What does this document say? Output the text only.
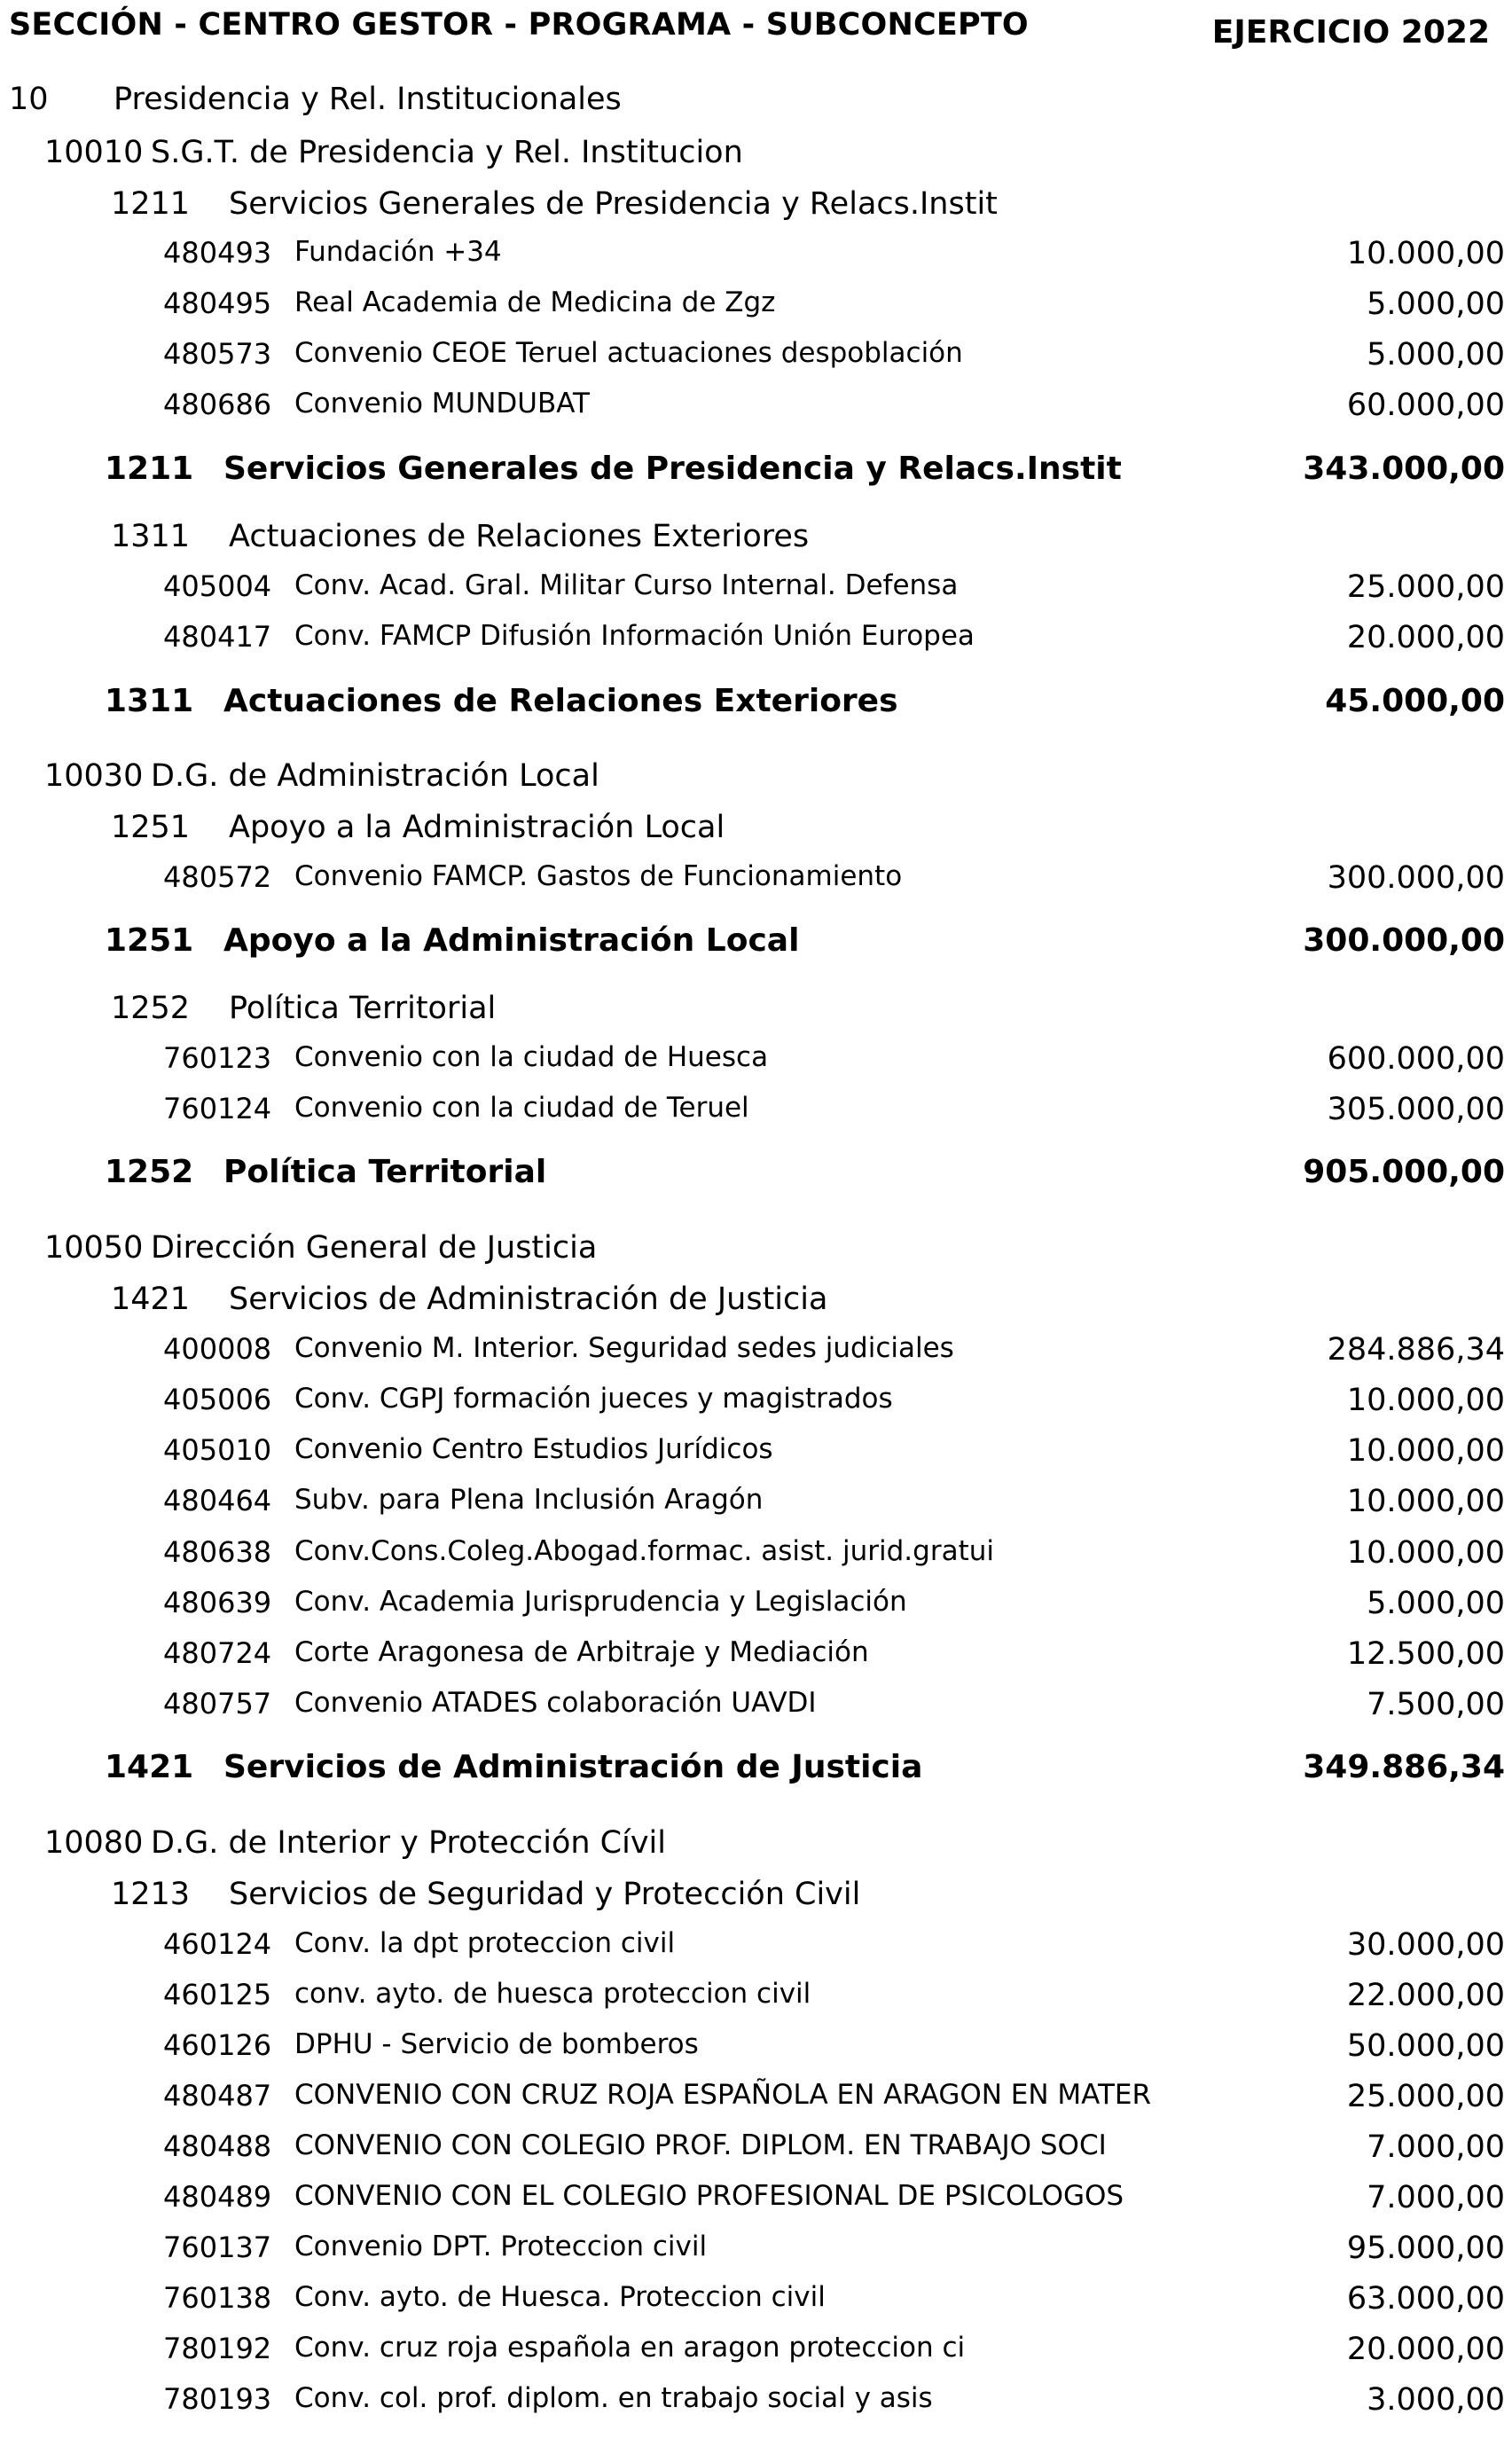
SECCIÓN - CENTRO GESTOR - PROGRAMA - SUBCONCEPTO	EJERCICIO 2022
10 Presidencia y Rel. Institucionales
10010 S.G.T. de Presidencia y Rel. Institucion
1211 Servicios Generales de Presidencia y Relacs.Instit
480493 Fundación +34	10.000,00
480495 Real Academia de Medicina de Zgz	5.000,00
480573 Convenio CEOE Teruel actuaciones despoblación	5.000,00
480686 Convenio MUNDUBAT	60.000,00
1211 Servicios Generales de Presidencia y Relacs.Instit	343.000,00
1311 Actuaciones de Relaciones Exteriores
405004 Conv. Acad. Gral. Militar Curso Internal. Defensa	25.000,00
480417 Conv. FAMCP Difusión Información Unión Europea	20.000,00
1311 Actuaciones de Relaciones Exteriores	45.000,00
10030 D.G. de Administración Local
1251 Apoyo a la Administración Local
480572 Convenio FAMCP. Gastos de Funcionamiento	300.000,00
1251 Apoyo a la Administración Local	300.000,00
1252 Política Territorial
760123 Convenio con la ciudad de Huesca	600.000,00
760124 Convenio con la ciudad de Teruel	305.000,00
1252 Política Territorial	905.000,00
10050 Dirección General de Justicia
1421 Servicios de Administración de Justicia
400008 Convenio M. Interior. Seguridad sedes judiciales	284.886,34
405006 Conv. CGPJ formación jueces y magistrados	10.000,00
405010 Convenio Centro Estudios Jurídicos	10.000,00
480464 Subv. para Plena Inclusión Aragón	10.000,00
480638 Conv.Cons.Coleg.Abogad.formac. asist. jurid.gratui	10.000,00
480639 Conv. Academia Jurisprudencia y Legislación	5.000,00
480724 Corte Aragonesa de Arbitraje y Mediación	12.500,00
480757 Convenio ATADES colaboración UAVDI	7.500,00
1421 Servicios de Administración de Justicia	349.886,34
10080 D.G. de Interior y Protección Cívil
1213 Servicios de Seguridad y Protección Civil
460124 Conv. la dpt proteccion civil	30.000,00
460125 conv. ayto. de huesca proteccion civil	22.000,00
460126 DPHU - Servicio de bomberos	50.000,00
480487 CONVENIO CON CRUZ ROJA ESPAÑOLA EN ARAGON EN MATER	25.000,00
480488 CONVENIO CON COLEGIO PROF. DIPLOM. EN TRABAJO SOCI	7.000,00
480489 CONVENIO CON EL COLEGIO PROFESIONAL DE PSICOLOGOS	7.000,00
760137 Convenio DPT. Proteccion civil	95.000,00
760138 Conv. ayto. de Huesca. Proteccion civil	63.000,00
780192 Conv. cruz roja española en aragon proteccion ci	20.000,00
780193 Conv. col. prof. diplom. en trabajo social y asis	3.000,00
